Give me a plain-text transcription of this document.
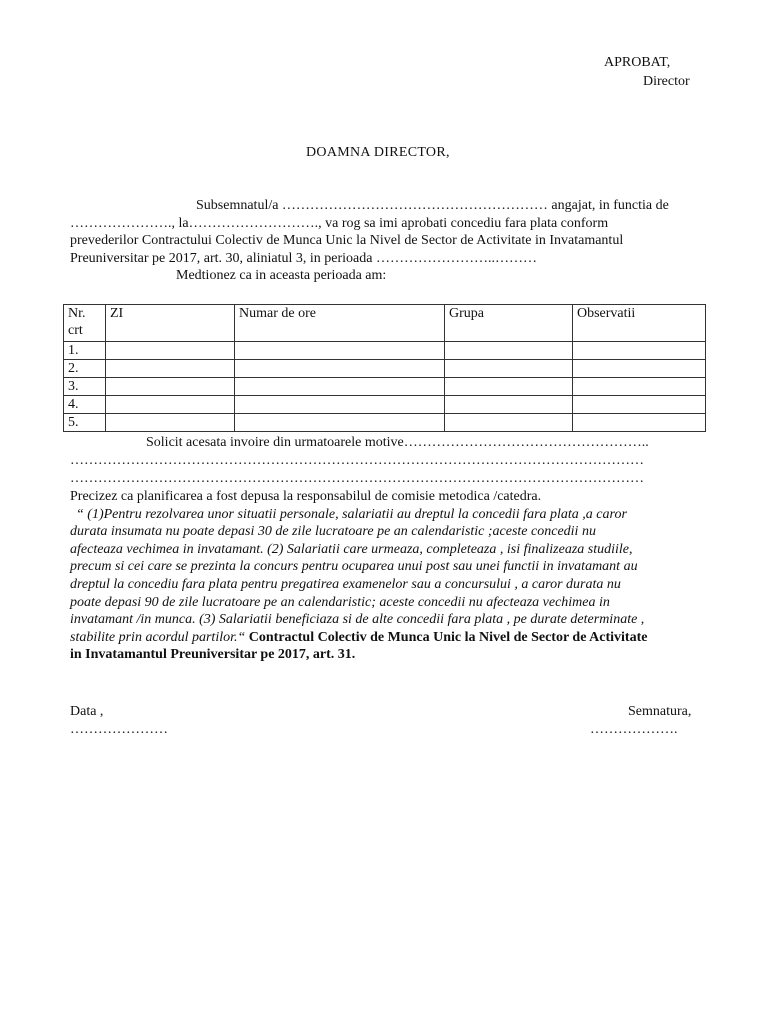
APROBAT,
Director
DOAMNA DIRECTOR,
Subsemnatul/a ………………………………………………… angajat, in functia de
…………………., la………………………., va rog sa imi aprobati concediu fara plata conform
prevederilor Contractului Colectiv de Munca Unic la Nivel de Sector de Activitate in Invatamantul
Preuniversitar pe 2017, art. 30, aliniatul 3, in perioada ……………………..………
Medtionez ca in aceasta perioada am:
Nr. crt	ZI	Numar de ore	Grupa	Observatii
1.				
2.				
3.				
4.				
5.				
Solicit acesata invoire din urmatoarele motive……………………………………………..
……………………………………………………………………………………………………………
……………………………………………………………………………………………………………
Precizez ca planificarea a fost depusa la responsabilul de comisie metodica /catedra.
“ (1)Pentru rezolvarea unor situatii personale, salariatii au dreptul la concedii fara plata ,a caror
durata insumata nu poate depasi 30 de zile lucratoare pe an calendaristic ;aceste concedii nu
afecteaza vechimea in invatamant. (2) Salariatii care urmeaza, completeaza , isi finalizeaza studiile,
precum si cei care se prezinta la concurs pentru ocuparea unui post sau unei functii in invatamant au
dreptul la concediu fara plata pentru pregatirea examenelor sau a concursului , a caror durata nu
poate depasi 90 de zile lucratoare pe an calendaristic; aceste concedii nu afecteaza vechimea in
invatamant /in munca. (3) Salariatii beneficiaza si de alte concedii fara plata , pe durate determinate ,
stabilite prin acordul partilor.“ Contractul Colectiv de Munca Unic la Nivel de Sector de Activitate
in Invatamantul Preuniversitar pe 2017, art. 31.
Data ,
…………………
Semnatura,
……………….
